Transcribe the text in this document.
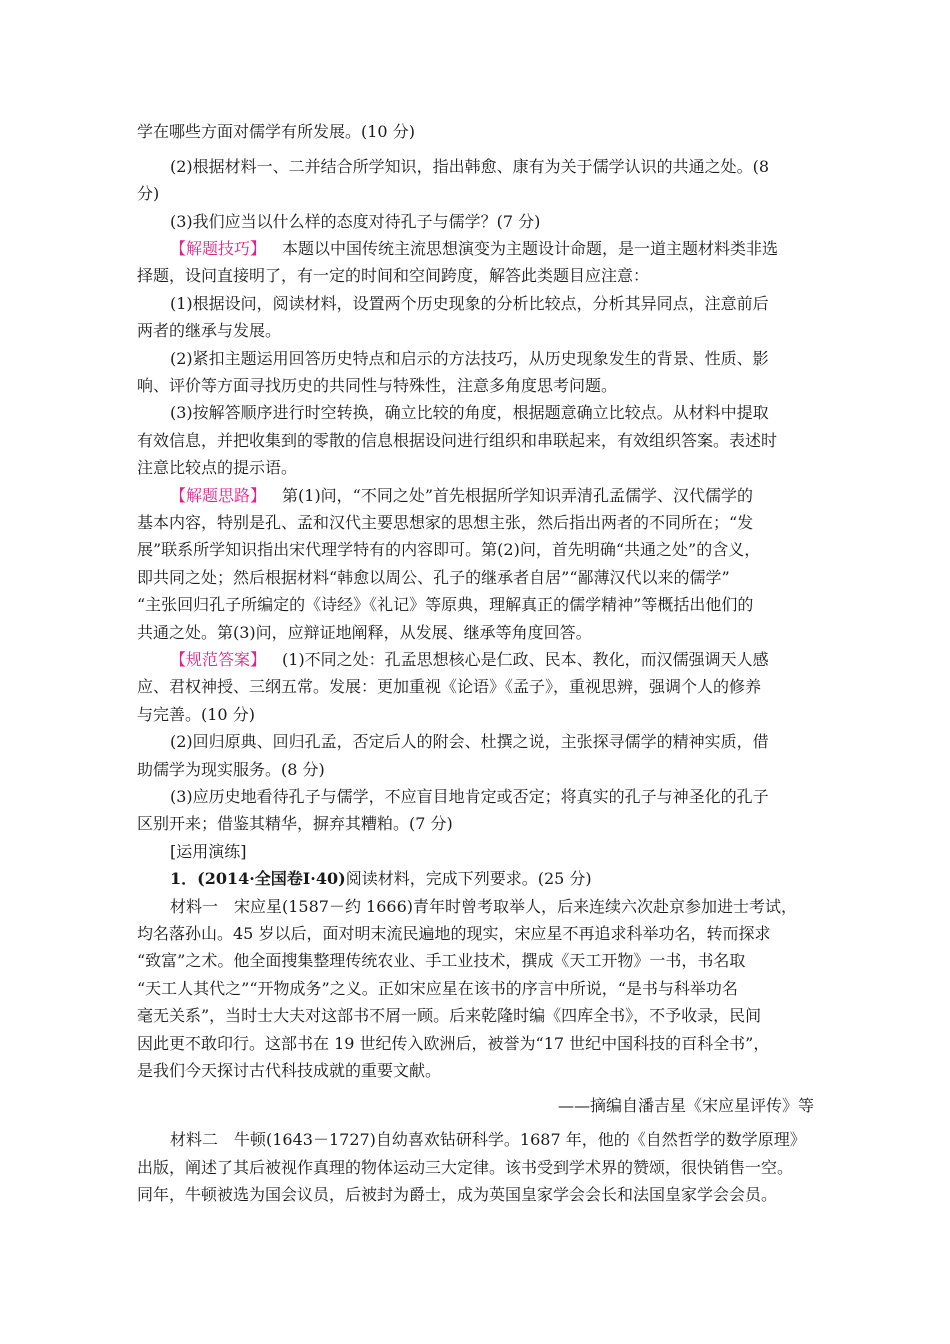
学在哪些方面对儒学有所发展。(10 分)
(2)根据材料一、二并结合所学知识，指出韩愈、康有为关于儒学认识的共通之处。(8
分)
(3)我们应当以什么样的态度对待孔子与儒学？(7 分)
【解题技巧】 本题以中国传统主流思想演变为主题设计命题，是一道主题材料类非选
择题，设问直接明了，有一定的时间和空间跨度，解答此类题目应注意：
(1)根据设问，阅读材料，设置两个历史现象的分析比较点，分析其异同点，注意前后
两者的继承与发展。
(2)紧扣主题运用回答历史特点和启示的方法技巧，从历史现象发生的背景、性质、影
响、评价等方面寻找历史的共同性与特殊性，注意多角度思考问题。
(3)按解答顺序进行时空转换，确立比较的角度，根据题意确立比较点。从材料中提取
有效信息，并把收集到的零散的信息根据设问进行组织和串联起来，有效组织答案。表述时
注意比较点的提示语。
【解题思路】 第(1)问，“不同之处”首先根据所学知识弄清孔孟儒学、汉代儒学的
基本内容，特别是孔、孟和汉代主要思想家的思想主张，然后指出两者的不同所在；“发
展”联系所学知识指出宋代理学特有的内容即可。第(2)问，首先明确“共通之处”的含义，
即共同之处；然后根据材料“韩愈以周公、孔子的继承者自居”“鄙薄汉代以来的儒学”
“主张回归孔子所编定的《诗经》《礼记》等原典，理解真正的儒学精神”等概括出他们的
共通之处。第(3)问，应辩证地阐释，从发展、继承等角度回答。
【规范答案】 (1)不同之处：孔孟思想核心是仁政、民本、教化，而汉儒强调天人感
应、君权神授、三纲五常。发展：更加重视《论语》《孟子》，重视思辨，强调个人的修养
与完善。(10 分)
(2)回归原典、回归孔孟，否定后人的附会、杜撰之说，主张探寻儒学的精神实质，借
助儒学为现实服务。(8 分)
(3)应历史地看待孔子与儒学，不应盲目地肯定或否定；将真实的孔子与神圣化的孔子
区别开来；借鉴其精华，摒弃其糟粕。(7 分)
[运用演练]
1．(2014·全国卷Ⅰ·40)阅读材料，完成下列要求。(25 分)
材料一　宋应星(1587－约 1666)青年时曾考取举人，后来连续六次赴京参加进士考试，
均名落孙山。45 岁以后，面对明末流民遍地的现实，宋应星不再追求科举功名，转而探求
“致富”之术。他全面搜集整理传统农业、手工业技术，撰成《天工开物》一书，书名取
“天工人其代之”“开物成务”之义。正如宋应星在该书的序言中所说，“是书与科举功名
毫无关系”，当时士大夫对这部书不屑一顾。后来乾隆时编《四库全书》，不予收录，民间
因此更不敢印行。这部书在 19 世纪传入欧洲后，被誉为“17 世纪中国科技的百科全书”，
是我们今天探讨古代科技成就的重要文献。
——摘编自潘吉星《宋应星评传》等
材料二　牛顿(1643－1727)自幼喜欢钻研科学。1687 年，他的《自然哲学的数学原理》
出版，阐述了其后被视作真理的物体运动三大定律。该书受到学术界的赞颂，很快销售一空。
同年，牛顿被选为国会议员，后被封为爵士，成为英国皇家学会会长和法国皇家学会会员。
